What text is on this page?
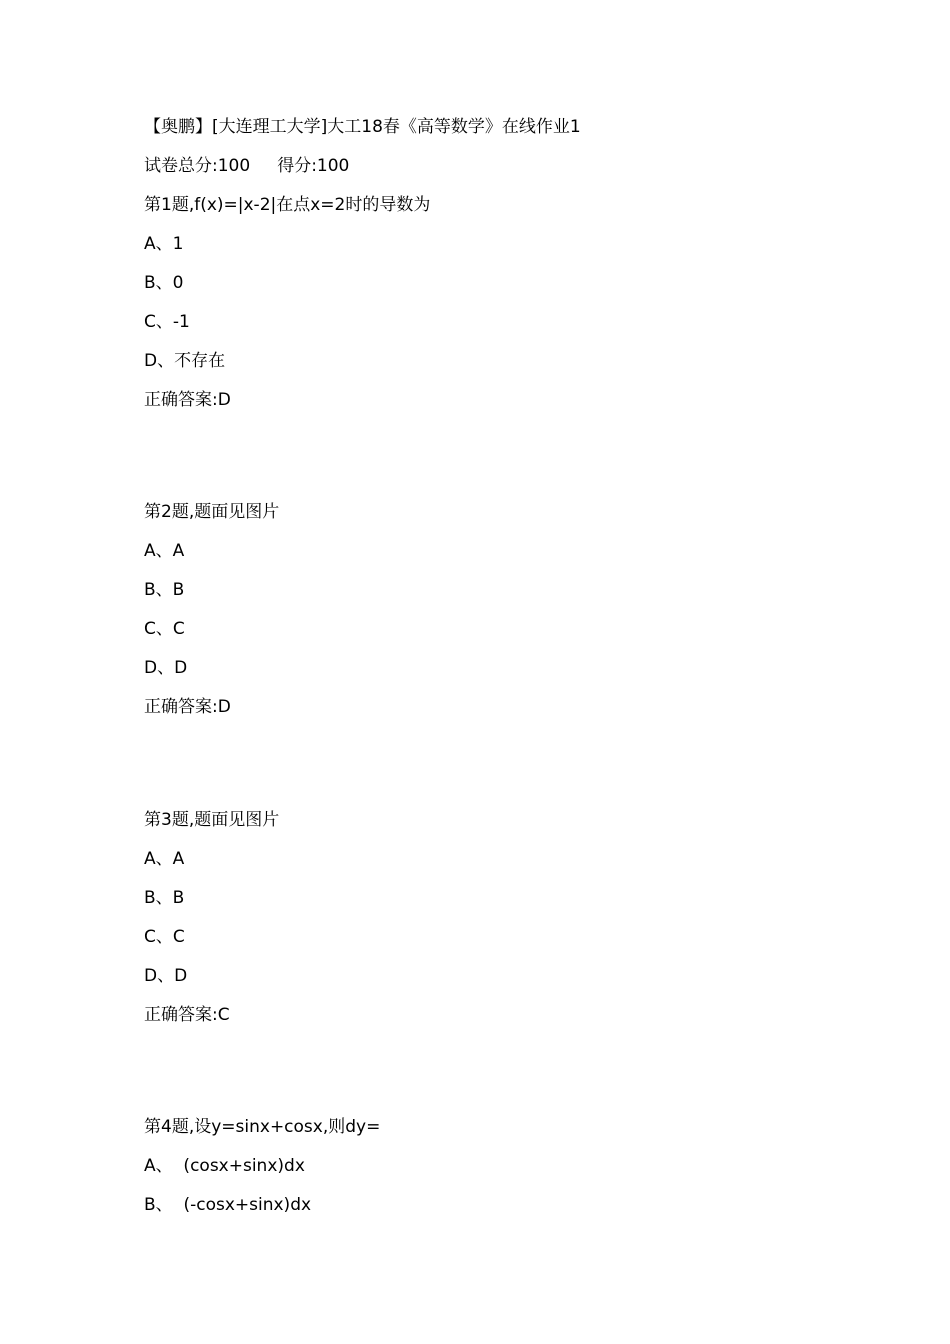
【奥鹏】[大连理工大学]大工18春《高等数学》在线作业1
试卷总分:100     得分:100
第1题,f(x)=|x-2|在点x=2时的导数为
A、1
B、0
C、-1
D、不存在
正确答案:D
第2题,题面见图片
A、A
B、B
C、C
D、D
正确答案:D
第3题,题面见图片
A、A
B、B
C、C
D、D
正确答案:C
第4题,设y=sinx+cosx,则dy=
A、  (cosx+sinx)dx
B、  (-cosx+sinx)dx
